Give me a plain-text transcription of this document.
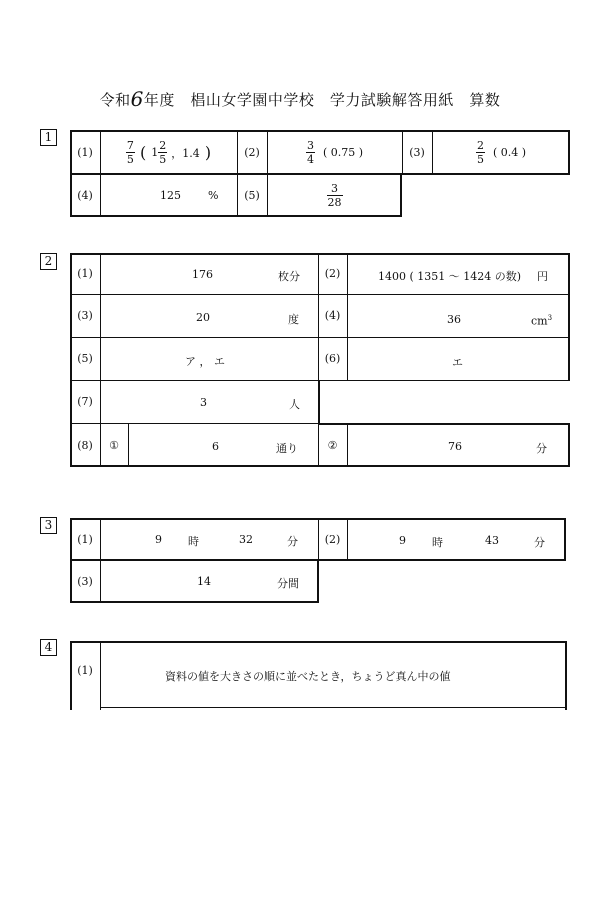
令和6年度　椙山女学園中学校　学力試験解答用紙　算数
1
(1)	$\frac{7}{5}$ ( $1 \frac{2}{5}$ ，1.4 )	(2)	$\frac{3}{4}$ ( 0.75 )	(3)	$\frac{2}{5}$ ( 0.4 )
(4)	125 %	(5)	$\frac{3}{28}$
2
(1)	176	枚分	(2)	1400 ( 1351 〜 1424 の数) 円
(3)	20	度	(4)	36	$cm^3$
(5)	ア ， エ	(6)	エ
(7)	3	人
(8)	①	6	通り	②	76	分
3
(1)	9 時	32	分	(2)	9 時	43	分
(3)	14	分間
4
(1)	資料の値を大きさの順に並べたとき，ちょうど真ん中の値
